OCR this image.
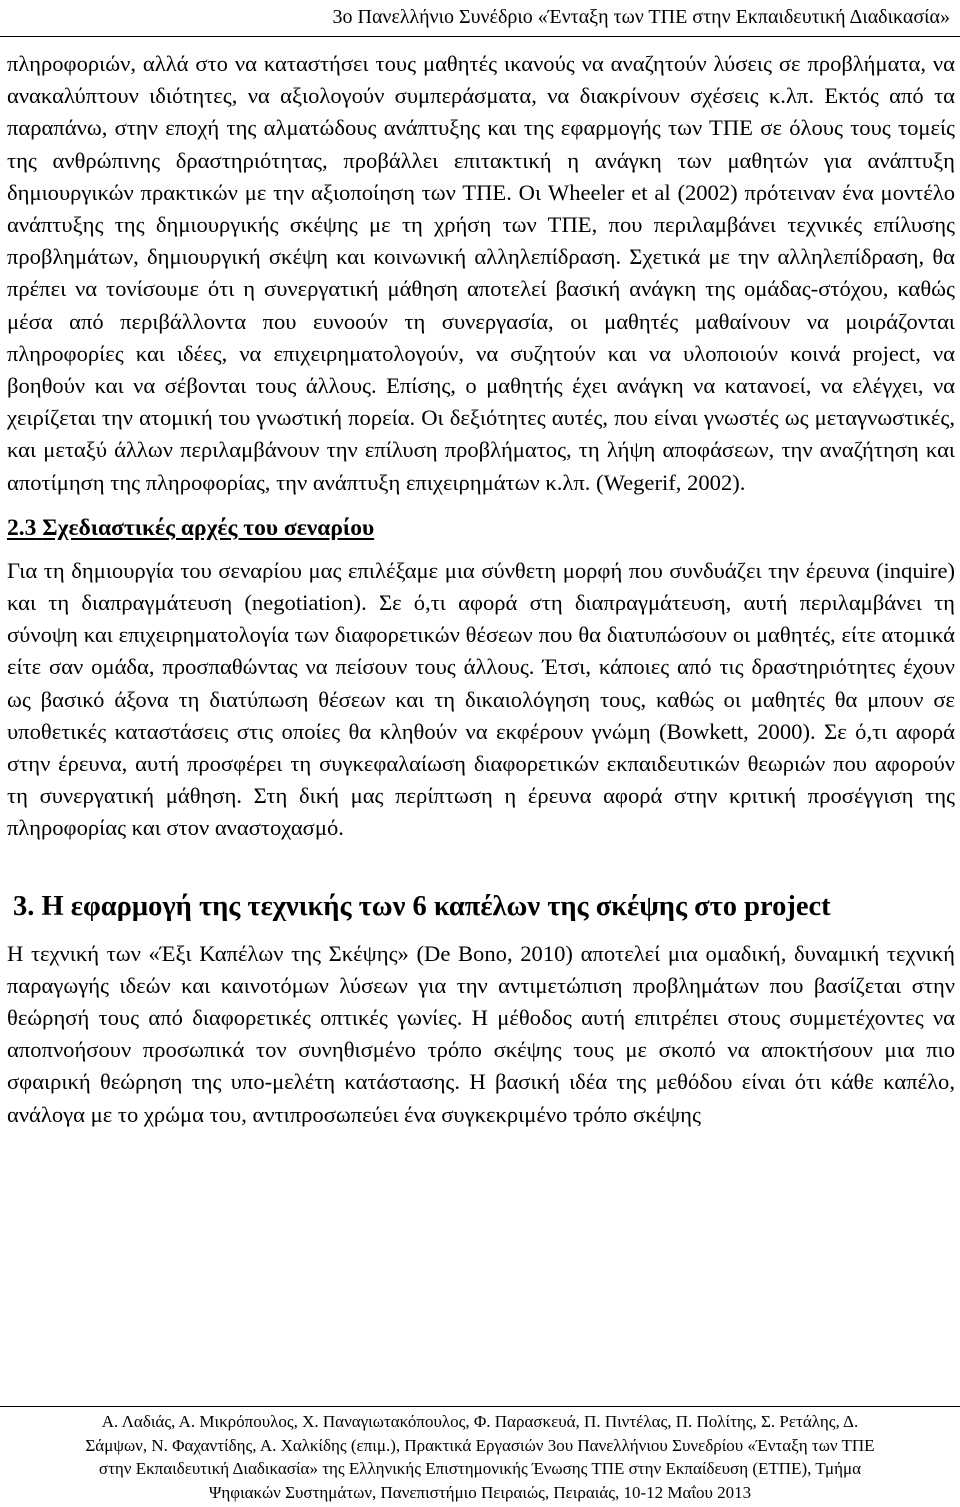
3ο Πανελλήνιο Συνέδριο «Ένταξη των ΤΠΕ στην Εκπαιδευτική Διαδικασία»

πληροφοριών, αλλά στο να καταστήσει τους μαθητές ικανούς να αναζητούν λύσεις σε προβλήματα, να ανακαλύπτουν ιδιότητες, να αξιολογούν συμπεράσματα, να διακρίνουν σχέσεις κ.λπ. Εκτός από τα παραπάνω, στην εποχή της αλματώδους ανάπτυξης και της εφαρμογής των ΤΠΕ σε όλους τους τομείς της ανθρώπινης δραστηριότητας, προβάλλει επιτακτική η ανάγκη των μαθητών για ανάπτυξη δημιουργικών πρακτικών με την αξιοποίηση των ΤΠΕ. Οι Wheeler et al (2002) πρότειναν ένα μοντέλο ανάπτυξης της δημιουργικής σκέψης με τη χρήση των ΤΠΕ, που περιλαμβάνει τεχνικές επίλυσης προβλημάτων, δημιουργική σκέψη και κοινωνική αλληλεπίδραση. Σχετικά με την αλληλεπίδραση, θα πρέπει να τονίσουμε ότι η συνεργατική μάθηση αποτελεί βασική ανάγκη της ομάδας-στόχου, καθώς μέσα από περιβάλλοντα που ευνοούν τη συνεργασία, οι μαθητές μαθαίνουν να μοιράζονται πληροφορίες και ιδέες, να επιχειρηματολογούν, να συζητούν και να υλοποιούν κοινά project, να βοηθούν και να σέβονται τους άλλους. Επίσης, ο μαθητής έχει ανάγκη να κατανοεί, να ελέγχει, να χειρίζεται την ατομική του γνωστική πορεία. Οι δεξιότητες αυτές, που είναι γνωστές ως μεταγνωστικές, και μεταξύ άλλων περιλαμβάνουν την επίλυση προβλήματος, τη λήψη αποφάσεων, την αναζήτηση και αποτίμηση της πληροφορίας, την ανάπτυξη επιχειρημάτων κ.λπ. (Wegerif, 2002).

2.3 Σχεδιαστικές αρχές του σεναρίου

Για τη δημιουργία του σεναρίου μας επιλέξαμε μια σύνθετη μορφή που συνδυάζει την έρευνα (inquire) και τη διαπραγμάτευση (negotiation). Σε ό,τι αφορά στη διαπραγμάτευση, αυτή περιλαμβάνει τη σύνοψη και επιχειρηματολογία των διαφορετικών θέσεων που θα διατυπώσουν οι μαθητές, είτε ατομικά είτε σαν ομάδα, προσπαθώντας να πείσουν τους άλλους. Έτσι, κάποιες από τις δραστηριότητες έχουν ως βασικό άξονα τη διατύπωση θέσεων και τη δικαιολόγηση τους, καθώς οι μαθητές θα μπουν σε υποθετικές καταστάσεις στις οποίες θα κληθούν να εκφέρουν γνώμη (Bowkett, 2000). Σε ό,τι αφορά στην έρευνα, αυτή προσφέρει τη συγκεφαλαίωση διαφορετικών εκπαιδευτικών θεωριών που αφορούν τη συνεργατική μάθηση. Στη δική μας περίπτωση η έρευνα αφορά στην κριτική προσέγγιση της πληροφορίας και στον αναστοχασμό.

3. Η εφαρμογή της τεχνικής των 6 καπέλων της σκέψης στο project

Η τεχνική των «Έξι Καπέλων της Σκέψης» (De Bono, 2010) αποτελεί μια ομαδική, δυναμική τεχνική παραγωγής ιδεών και καινοτόμων λύσεων για την αντιμετώπιση προβλημάτων που βασίζεται στην θεώρησή τους από διαφορετικές οπτικές γωνίες. Η μέθοδος αυτή επιτρέπει στους συμμετέχοντες να αποπνοήσουν προσωπικά τον συνηθισμένο τρόπο σκέψης τους με σκοπό να αποκτήσουν μια πιο σφαιρική θεώρηση της υπο-μελέτη κατάστασης. Η βασική ιδέα της μεθόδου είναι ότι κάθε καπέλο, ανάλογα με το χρώμα του, αντιπροσωπεύει ένα συγκεκριμένο τρόπο σκέψης

Α. Λαδιάς, Α. Μικρόπουλος, Χ. Παναγιωτακόπουλος, Φ. Παρασκευά, Π. Πιντέλας, Π. Πολίτης, Σ. Ρετάλης, Δ.
Σάμψων, Ν. Φαχαντίδης, Α. Χαλκίδης (επιμ.), Πρακτικά Εργασιών 3ου Πανελλήνιου Συνεδρίου «Ένταξη των ΤΠΕ
στην Εκπαιδευτική Διαδικασία» της Ελληνικής Επιστημονικής Ένωσης ΤΠΕ στην Εκπαίδευση (ΕΤΠΕ), Τμήμα
Ψηφιακών Συστημάτων, Πανεπιστήμιο Πειραιώς, Πειραιάς, 10-12 Μαΐου 2013
